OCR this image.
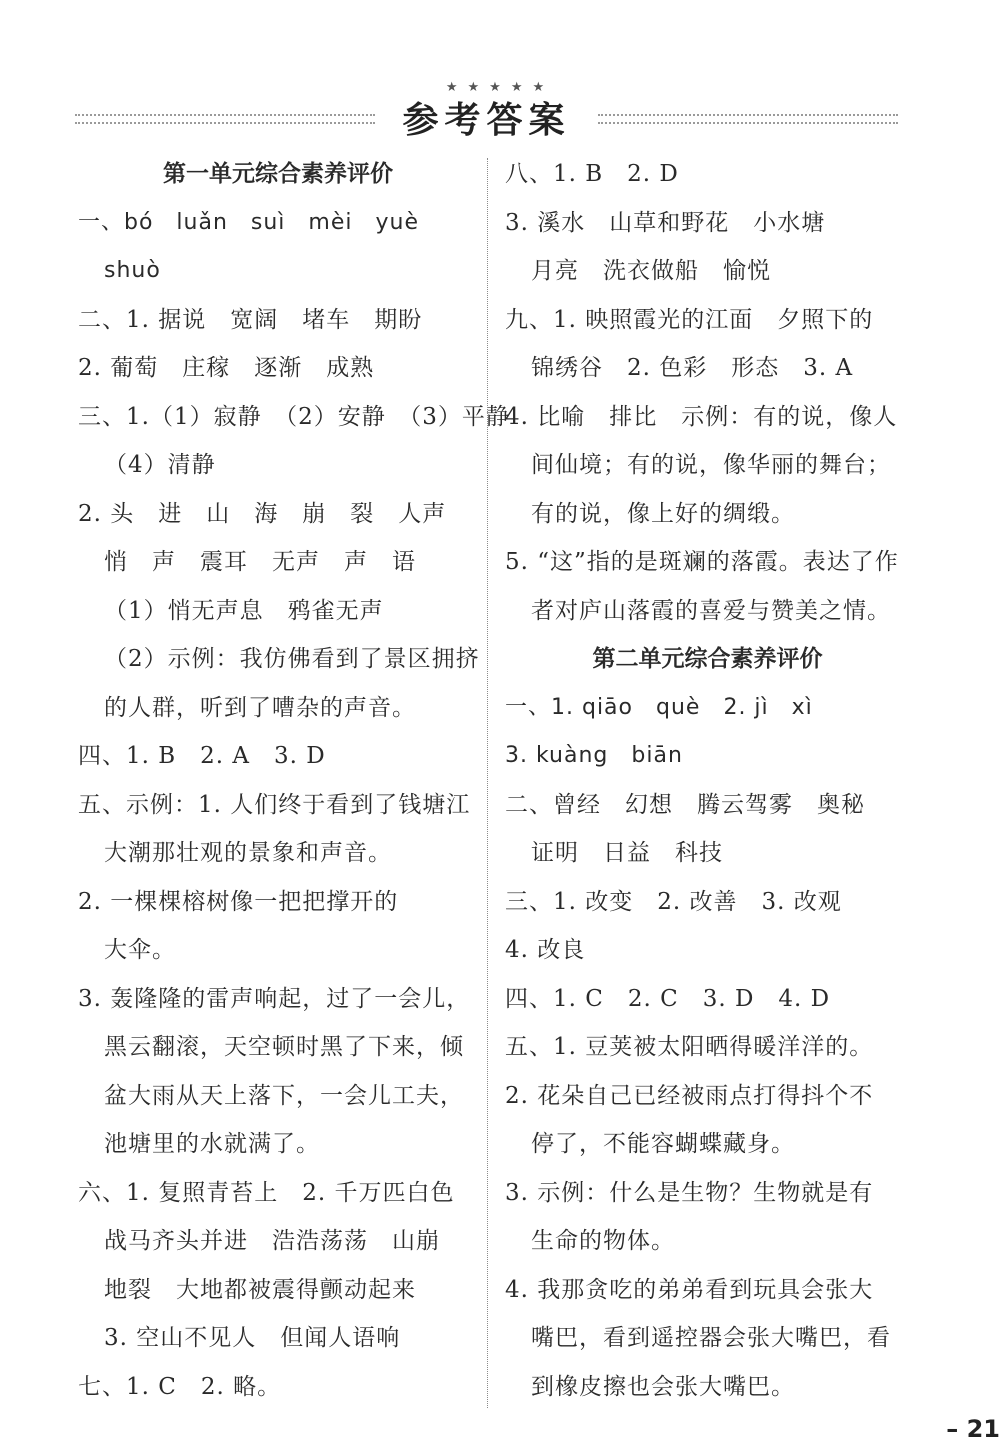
★★★★★
参考答案
第一单元综合素养评价
一、bó　luǎn　suì　mèi　yuè
shuò
二、1. 据说　宽阔　堵车　期盼
2. 葡萄　庄稼　逐渐　成熟
三、1.（1）寂静　（2）安静　（3）平静
（4）清静
2. 头　进　山　海　崩　裂　人声
悄　声　震耳　无声　声　语
（1）悄无声息　鸦雀无声
（2）示例：我仿佛看到了景区拥挤
的人群，听到了嘈杂的声音。
四、1. B　2. A　3. D
五、示例：1. 人们终于看到了钱塘江
大潮那壮观的景象和声音。
2. 一棵棵榕树像一把把撑开的
大伞。
3. 轰隆隆的雷声响起，过了一会儿，
黑云翻滚，天空顿时黑了下来，倾
盆大雨从天上落下，一会儿工夫，
池塘里的水就满了。
六、1. 复照青苔上　2. 千万匹白色
战马齐头并进　浩浩荡荡　山崩
地裂　大地都被震得颤动起来
3. 空山不见人　但闻人语响
七、1. C　2. 略。
八、1. B　2. D
3. 溪水　山草和野花　小水塘
月亮　洗衣做船　愉悦
九、1. 映照霞光的江面　夕照下的
锦绣谷　2. 色彩　形态　3. A
4. 比喻　排比　示例：有的说，像人
间仙境；有的说，像华丽的舞台；
有的说，像上好的绸缎。
5. “这”指的是斑斓的落霞。表达了作
者对庐山落霞的喜爱与赞美之情。
第二单元综合素养评价
一、1. qiāo　què　2. jì　xì
3. kuàng　biān
二、曾经　幻想　腾云驾雾　奥秘
证明　日益　科技
三、1. 改变　2. 改善　3. 改观
4. 改良
四、1. C　2. C　3. D　4. D
五、1. 豆荚被太阳晒得暖洋洋的。
2. 花朵自己已经被雨点打得抖个不
停了，不能容蝴蝶藏身。
3. 示例：什么是生物？生物就是有
生命的物体。
4. 我那贪吃的弟弟看到玩具会张大
嘴巴，看到遥控器会张大嘴巴，看
到橡皮擦也会张大嘴巴。
– 21
